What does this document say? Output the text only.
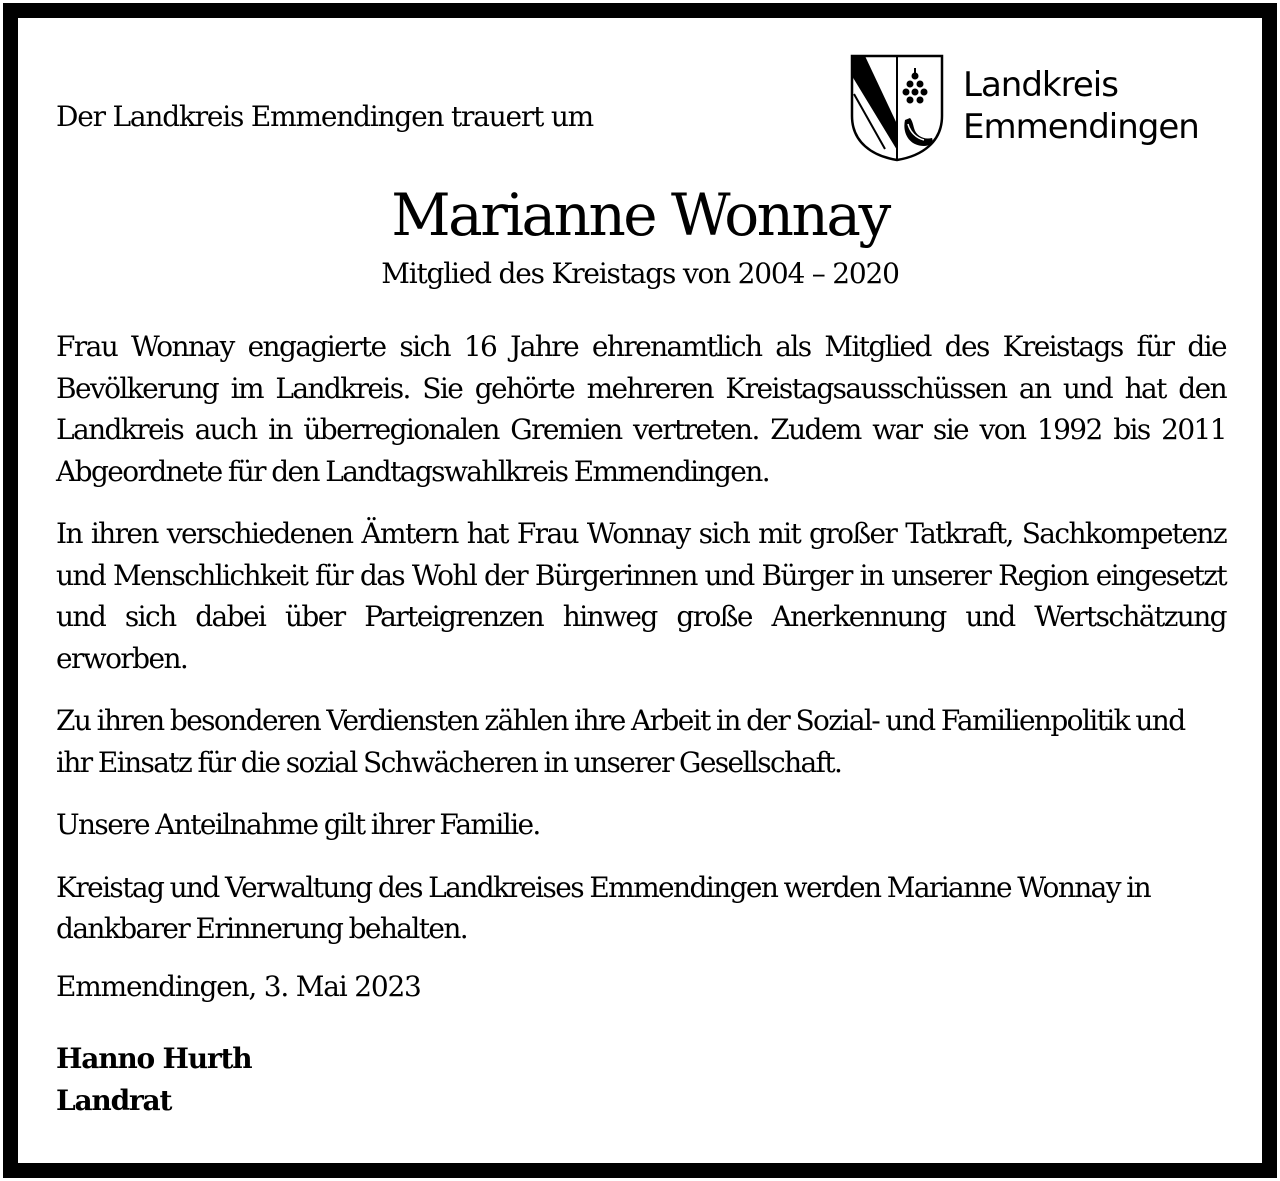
Der Landkreis Emmendingen trauert um
Landkreis
Emmendingen
Marianne Wonnay
Mitglied des Kreistags von 2004 – 2020

Frau Wonnay engagierte sich 16 Jahre ehrenamtlich als Mitglied des Kreistags für die Bevölkerung im Landkreis. Sie gehörte mehreren Kreistagsausschüssen an und hat den Landkreis auch in überregionalen Gremien vertreten. Zudem war sie von 1992 bis 2011 Abgeordnete für den Landtagswahlkreis Emmendingen.

In ihren verschiedenen Ämtern hat Frau Wonnay sich mit großer Tatkraft, Sachkompetenz und Menschlichkeit für das Wohl der Bürgerinnen und Bürger in unserer Region eingesetzt und sich dabei über Parteigrenzen hinweg große Anerkennung und Wertschätzung erworben.

Zu ihren besonderen Verdiensten zählen ihre Arbeit in der Sozial- und Familienpolitik und ihr Einsatz für die sozial Schwächeren in unserer Gesellschaft.

Unsere Anteilnahme gilt ihrer Familie.

Kreistag und Verwaltung des Landkreises Emmendingen werden Marianne Wonnay in dankbarer Erinnerung behalten.

Emmendingen, 3. Mai 2023
Hanno Hurth
Landrat
